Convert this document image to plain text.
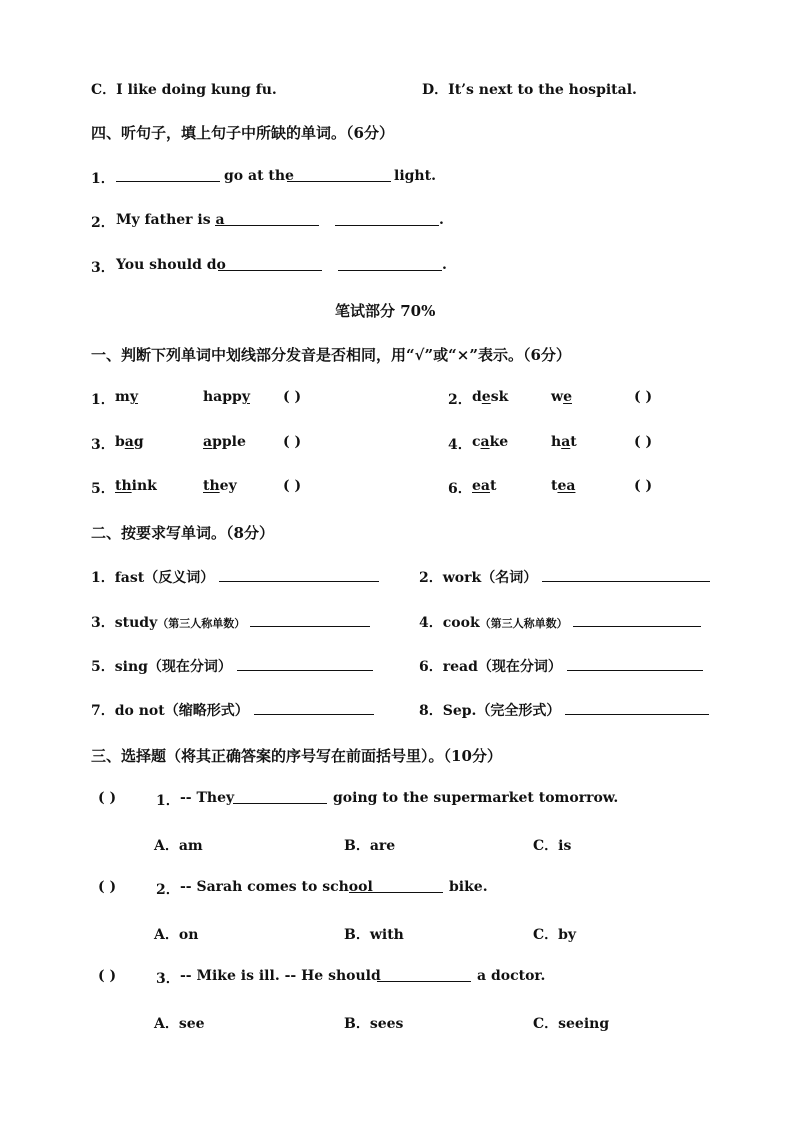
C．I like doing kung fu.	D．It’s next to the hospital.
四、听句子，填上句子中所缺的单词。（6分）
1．	go at the	light.
2． My father is a	.
3． You should do	.
笔试部分 70%
一、判断下列单词中划线部分发音是否相同，用“√”或“×”表示。（6分）
1． my	happy ( )	2． desk	we	( )
3． bag	apple	( )	4． cake	hat	( )
5． think	they	( )	6． eat	tea	( )
二、按要求写单词。（8分）
1．fast（反义词）	2．work（名词）
3．study（第三人称单数）	4．cook（第三人称单数）
5．sing（现在分词）	6．read（现在分词）
7．do not（缩略形式）	8．Sep.（完全形式）
三、选择题（将其正确答案的序号写在前面括号里）。（10分）
( )	1． -- They	going to the supermarket tomorrow.
A．am	B．are	C．is
( )	2． -- Sarah comes to school	bike.
A．on	B．with	C．by
( )	3． -- Mike is ill. -- He should	a doctor.
A．see	B．sees	C．seeing
